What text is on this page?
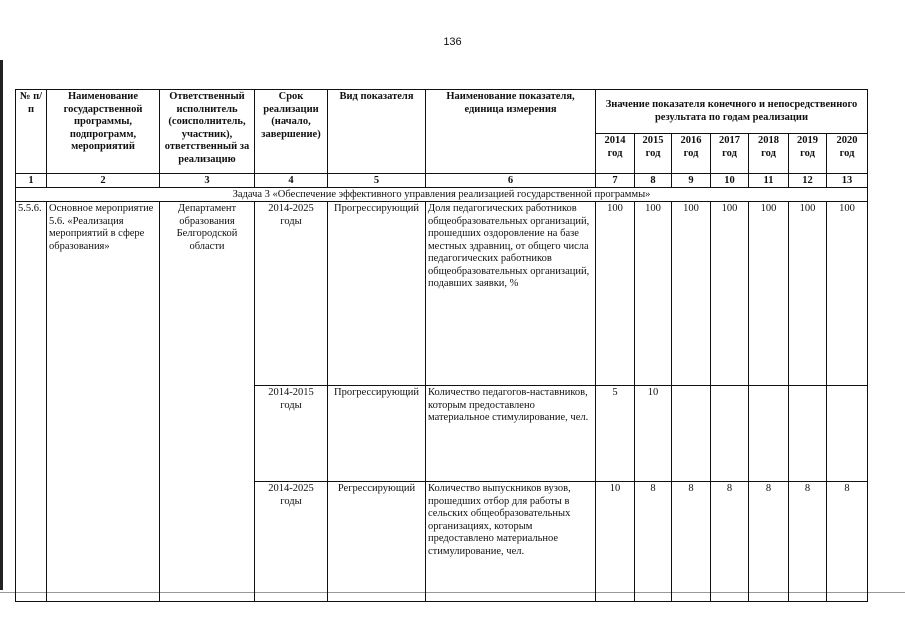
136
№ п/п	Наименование государственной программы, подпрограмм, мероприятий	Ответственный исполнитель (соисполнитель, участник), ответственный за реализацию	Срок реализации (начало, завершение)	Вид показателя	Наименование показателя, единица измерения	Значение показателя конечного и непосредственного результата по годам реализации						
						2014 год	2015 год	2016 год	2017 год	2018 год	2019 год	2020 год
1	2	3	4	5	6	7	8	9	10	11	12	13
Задача 3 «Обеспечение эффективного управления реализацией государственной программы»												
5.5.6.	Основное мероприятие 5.6. «Реализация мероприятий в сфере образования»	Департамент образования Белгородской области	2014-2025 годы	Прогрессирующий	Доля педагогических работников общеобразовательных организаций, прошедших оздоровление на базе местных здравниц, от общего числа педагогических работников общеобразовательных организаций, подавших заявки, %	100	100	100	100	100	100	100
			2014-2015 годы	Прогрессирующий	Количество педагогов-наставников, которым предоставлено материальное стимулирование, чел.	5	10					
			2014-2025 годы	Регрессирующий	Количество выпускников вузов, прошедших отбор для работы в сельских общеобразовательных организациях, которым предоставлено материальное стимулирование, чел.	10	8	8	8	8	8	8
